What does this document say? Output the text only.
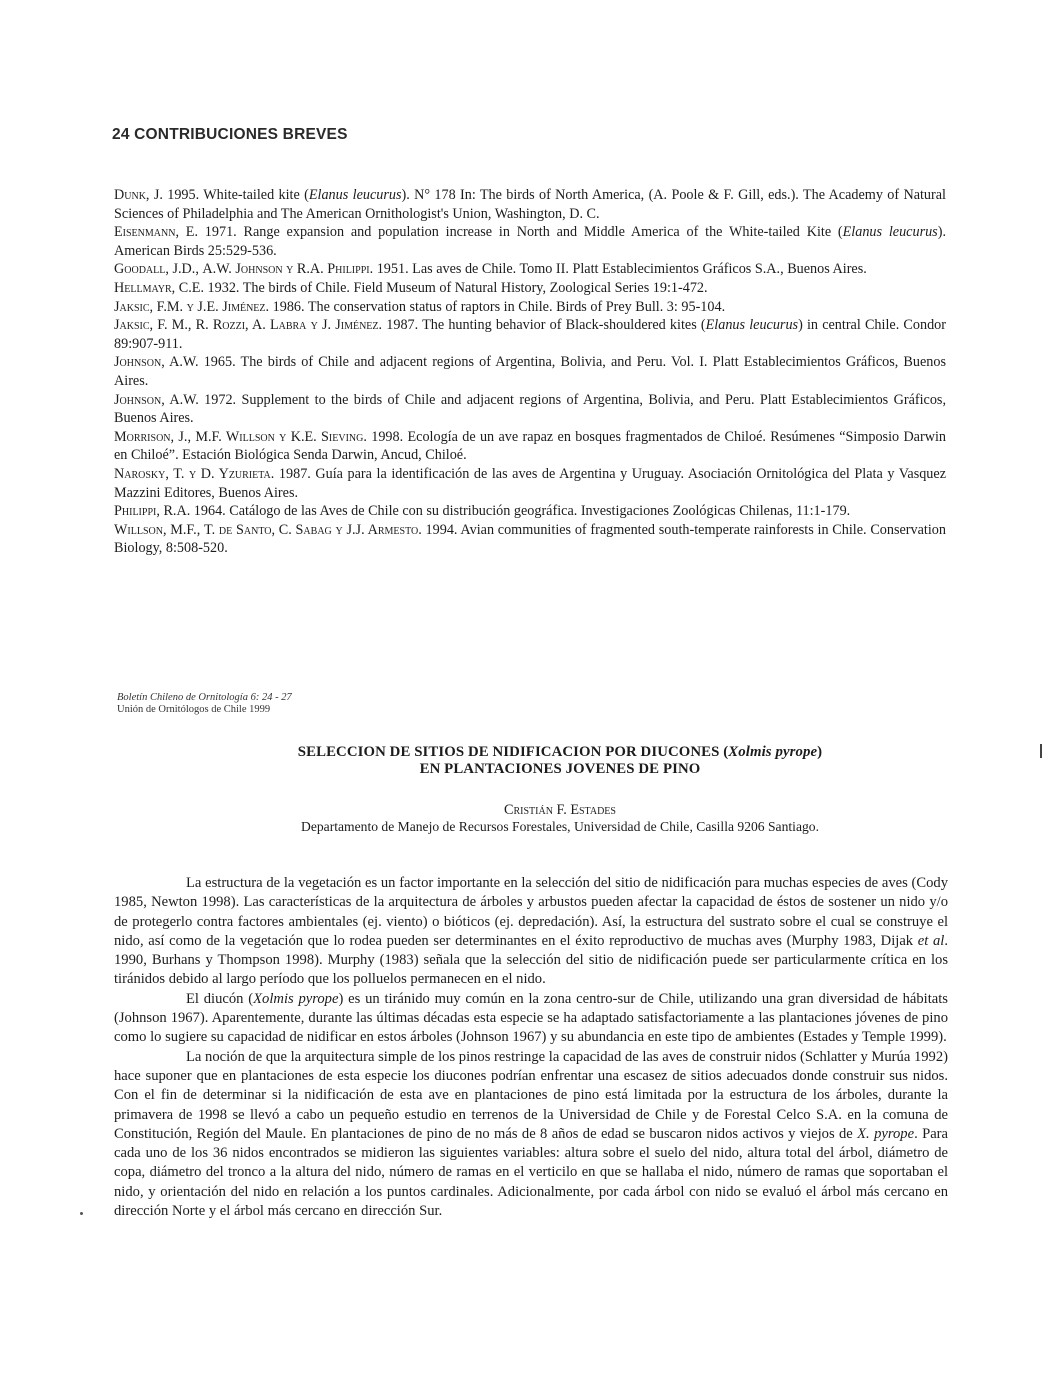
24 CONTRIBUCIONES BREVES

Dunk, J. 1995. White-tailed kite (Elanus leucurus). N° 178 In: The birds of North America, (A. Poole & F. Gill, eds.). The Academy of Natural Sciences of Philadelphia and The American Ornithologist's Union, Washington, D. C.

Eisenmann, E. 1971. Range expansion and population increase in North and Middle America of the White-tailed Kite (Elanus leucurus). American Birds 25:529-536.

Goodall, J.D., A.W. Johnson y R.A. Philippi. 1951. Las aves de Chile. Tomo II. Platt Establecimientos Gráficos S.A., Buenos Aires.

Hellmayr, C.E. 1932. The birds of Chile. Field Museum of Natural History, Zoological Series 19:1-472.

Jaksic, F.M. y J.E. Jiménez. 1986. The conservation status of raptors in Chile. Birds of Prey Bull. 3: 95-104.

Jaksic, F. M., R. Rozzi, A. Labra y J. Jiménez. 1987. The hunting behavior of Black-shouldered kites (Elanus leucurus) in central Chile. Condor 89:907-911.

Johnson, A.W. 1965. The birds of Chile and adjacent regions of Argentina, Bolivia, and Peru. Vol. I. Platt Establecimientos Gráficos, Buenos Aires.

Johnson, A.W. 1972. Supplement to the birds of Chile and adjacent regions of Argentina, Bolivia, and Peru. Platt Establecimientos Gráficos, Buenos Aires.

Morrison, J., M.F. Willson y K.E. Sieving. 1998. Ecología de un ave rapaz en bosques fragmentados de Chiloé. Resúmenes “Simposio Darwin en Chiloé”. Estación Biológica Senda Darwin, Ancud, Chiloé.

Narosky, T. y D. Yzurieta. 1987. Guía para la identificación de las aves de Argentina y Uruguay. Asociación Ornitológica del Plata y Vasquez Mazzini Editores, Buenos Aires.

Philippi, R.A. 1964. Catálogo de las Aves de Chile con su distribución geográfica. Investigaciones Zoológicas Chilenas, 11:1-179.

Willson, M.F., T. de Santo, C. Sabag y J.J. Armesto. 1994. Avian communities of fragmented south-temperate rainforests in Chile. Conservation Biology, 8:508-520.

Boletín Chileno de Ornitología 6: 24 - 27
Unión de Ornitólogos de Chile 1999
SELECCION DE SITIOS DE NIDIFICACION POR DIUCONES (Xolmis pyrope)
EN PLANTACIONES JOVENES DE PINO
Cristián F. Estades
Departamento de Manejo de Recursos Forestales, Universidad de Chile, Casilla 9206 Santiago.

La estructura de la vegetación es un factor importante en la selección del sitio de nidificación para muchas especies de aves (Cody 1985, Newton 1998). Las características de la arquitectura de árboles y arbustos pueden afectar la capacidad de éstos de sostener un nido y/o de protegerlo contra factores ambientales (ej. viento) o bióticos (ej. depredación). Así, la estructura del sustrato sobre el cual se construye el nido, así como de la vegetación que lo rodea pueden ser determinantes en el éxito reproductivo de muchas aves (Murphy 1983, Dijak et al. 1990, Burhans y Thompson 1998). Murphy (1983) señala que la selección del sitio de nidificación puede ser particularmente crítica en los tiránidos debido al largo período que los polluelos permanecen en el nido.

El diucón (Xolmis pyrope) es un tiránido muy común en la zona centro-sur de Chile, utilizando una gran diversidad de hábitats (Johnson 1967). Aparentemente, durante las últimas décadas esta especie se ha adaptado satisfactoriamente a las plantaciones jóvenes de pino como lo sugiere su capacidad de nidificar en estos árboles (Johnson 1967) y su abundancia en este tipo de ambientes (Estades y Temple 1999).

La noción de que la arquitectura simple de los pinos restringe la capacidad de las aves de construir nidos (Schlatter y Murúa 1992) hace suponer que en plantaciones de esta especie los diucones podrían enfrentar una escasez de sitios adecuados donde construir sus nidos. Con el fin de determinar si la nidificación de esta ave en plantaciones de pino está limitada por la estructura de los árboles, durante la primavera de 1998 se llevó a cabo un pequeño estudio en terrenos de la Universidad de Chile y de Forestal Celco S.A. en la comuna de Constitución, Región del Maule. En plantaciones de pino de no más de 8 años de edad se buscaron nidos activos y viejos de X. pyrope. Para cada uno de los 36 nidos encontrados se midieron las siguientes variables: altura sobre el suelo del nido, altura total del árbol, diámetro de copa, diámetro del tronco a la altura del nido, número de ramas en el verticilo en que se hallaba el nido, número de ramas que soportaban el nido, y orientación del nido en relación a los puntos cardinales. Adicionalmente, por cada árbol con nido se evaluó el árbol más cercano en dirección Norte y el árbol más cercano en dirección Sur.
